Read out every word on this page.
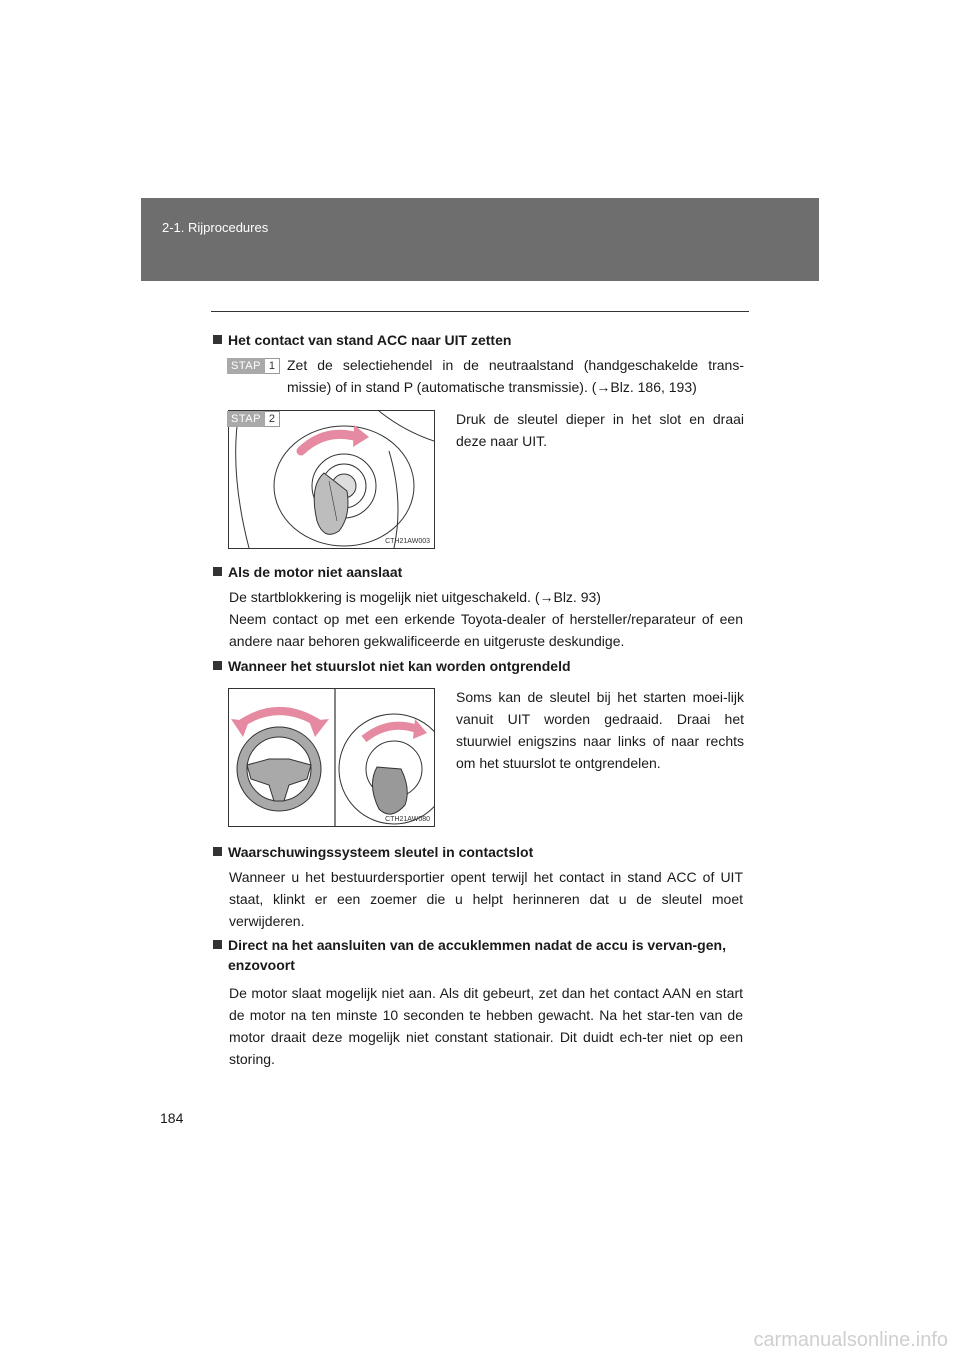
2-1. Rijprocedures
Het contact van stand ACC naar UIT zetten
STAP 1 Zet de selectiehendel in de neutraalstand (handgeschakelde trans-missie) of in stand P (automatische transmissie). (→Blz. 186, 193)
CTH21AW003
STAP 2	Druk de sleutel dieper in het slot en draai deze naar UIT.
Als de motor niet aanslaat
De startblokkering is mogelijk niet uitgeschakeld. (→Blz. 93)
Neem contact op met een erkende Toyota-dealer of hersteller/reparateur of een andere naar behoren gekwalificeerde en uitgeruste deskundige.
Wanneer het stuurslot niet kan worden ontgrendeld
CTH21AW080
Soms kan de sleutel bij het starten moei-lijk vanuit UIT worden gedraaid. Draai het stuurwiel enigszins naar links of naar rechts om het stuurslot te ontgrendelen.
Waarschuwingssysteem sleutel in contactslot
Wanneer u het bestuurdersportier opent terwijl het contact in stand ACC of UIT staat, klinkt er een zoemer die u helpt herinneren dat u de sleutel moet verwijderen.
Direct na het aansluiten van de accuklemmen nadat de accu is vervan-gen, enzovoort
De motor slaat mogelijk niet aan. Als dit gebeurt, zet dan het contact AAN en start de motor na ten minste 10 seconden te hebben gewacht. Na het star-ten van de motor draait deze mogelijk niet constant stationair. Dit duidt ech-ter niet op een storing.
184
carmanualsonline.info
